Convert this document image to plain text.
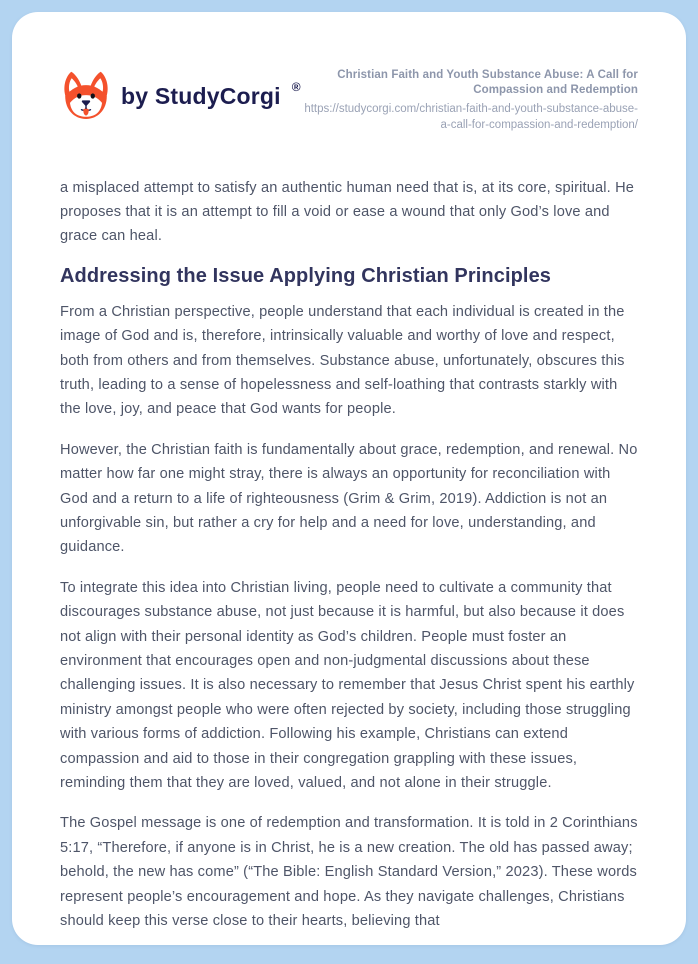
by StudyCorgi ®
Christian Faith and Youth Substance Abuse: A Call for Compassion and Redemption
https://studycorgi.com/christian-faith-and-youth-substance-abuse-a-call-for-compassion-and-redemption/

a misplaced attempt to satisfy an authentic human need that is, at its core, spiritual. He proposes that it is an attempt to fill a void or ease a wound that only God’s love and grace can heal.

Addressing the Issue Applying Christian Principles

From a Christian perspective, people understand that each individual is created in the image of God and is, therefore, intrinsically valuable and worthy of love and respect, both from others and from themselves. Substance abuse, unfortunately, obscures this truth, leading to a sense of hopelessness and self-loathing that contrasts starkly with the love, joy, and peace that God wants for people.

However, the Christian faith is fundamentally about grace, redemption, and renewal. No matter how far one might stray, there is always an opportunity for reconciliation with God and a return to a life of righteousness (Grim & Grim, 2019). Addiction is not an unforgivable sin, but rather a cry for help and a need for love, understanding, and guidance.

To integrate this idea into Christian living, people need to cultivate a community that discourages substance abuse, not just because it is harmful, but also because it does not align with their personal identity as God’s children. People must foster an environment that encourages open and non-judgmental discussions about these challenging issues. It is also necessary to remember that Jesus Christ spent his earthly ministry amongst people who were often rejected by society, including those struggling with various forms of addiction. Following his example, Christians can extend compassion and aid to those in their congregation grappling with these issues, reminding them that they are loved, valued, and not alone in their struggle.

The Gospel message is one of redemption and transformation. It is told in 2 Corinthians 5:17, “Therefore, if anyone is in Christ, he is a new creation. The old has passed away; behold, the new has come” (“The Bible: English Standard Version,” 2023). These words represent people’s encouragement and hope. As they navigate challenges, Christians should keep this verse close to their hearts, believing that
